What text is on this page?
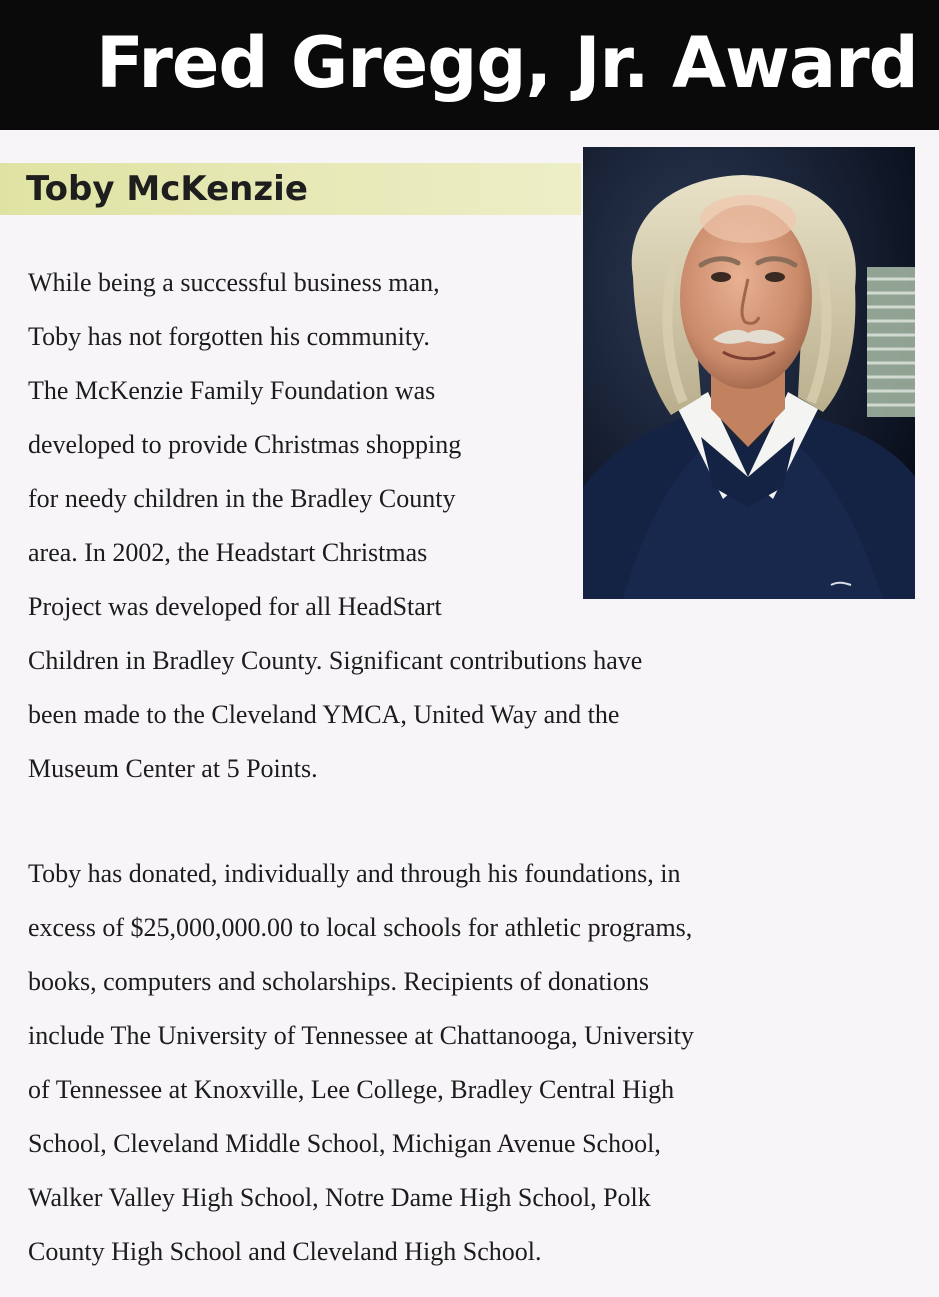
Fred Gregg, Jr. Award
Toby McKenzie

While being a successful business man,
Toby has not forgotten his community.
The McKenzie Family Foundation was
developed to provide Christmas shopping
for needy children in the Bradley County
area. In 2002, the Headstart Christmas
Project was developed for all HeadStart
Children in Bradley County. Significant contributions have
been made to the Cleveland YMCA, United Way and the
Museum Center at 5 Points.

Toby has donated, individually and through his foundations, in
excess of $25,000,000.00 to local schools for athletic programs,
books, computers and scholarships. Recipients of donations
include The University of Tennessee at Chattanooga, University
of Tennessee at Knoxville, Lee College, Bradley Central High
School, Cleveland Middle School, Michigan Avenue School,
Walker Valley High School, Notre Dame High School, Polk
County High School and Cleveland High School.
